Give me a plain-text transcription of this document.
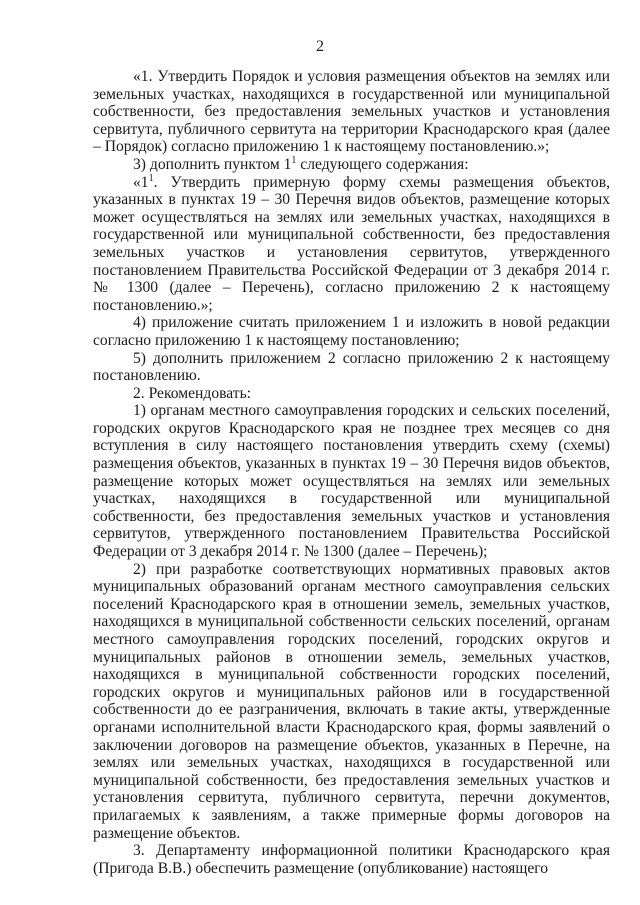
2

«1. Утвердить Порядок и условия размещения объектов на землях или земельных участках, находящихся в государственной или муниципальной собственности, без предоставления земельных участков и установления сервитута, публичного сервитута на территории Краснодарского края (далее – Порядок) согласно приложению 1 к настоящему постановлению.»;

3) дополнить пунктом $1^1$ следующего содержания:

«$1^1$. Утвердить примерную форму схемы размещения объектов, указанных в пунктах 19 – 30 Перечня видов объектов, размещение которых может осуществляться на землях или земельных участках, находящихся в государственной или муниципальной собственности, без предоставления земельных участков и установления сервитутов, утвержденного постановлением Правительства Российской Федерации от 3 декабря 2014 г. № 1300 (далее – Перечень), согласно приложению 2 к настоящему постановлению.»;

4) приложение считать приложением 1 и изложить в новой редакции согласно приложению 1 к настоящему постановлению;

5) дополнить приложением 2 согласно приложению 2 к настоящему постановлению.

2. Рекомендовать:

1) органам местного самоуправления городских и сельских поселений, городских округов Краснодарского края не позднее трех месяцев со дня вступления в силу настоящего постановления утвердить схему (схемы) размещения объектов, указанных в пунктах 19 – 30 Перечня видов объектов, размещение которых может осуществляться на землях или земельных участках, находящихся в государственной или муниципальной собственности, без предоставления земельных участков и установления сервитутов, утвержденного постановлением Правительства Российской Федерации от 3 декабря 2014 г. № 1300 (далее – Перечень);

2) при разработке соответствующих нормативных правовых актов муниципальных образований органам местного самоуправления сельских поселений Краснодарского края в отношении земель, земельных участков, находящихся в муниципальной собственности сельских поселений, органам местного самоуправления городских поселений, городских округов и муниципальных районов в отношении земель, земельных участков, находящихся в муниципальной собственности городских поселений, городских округов и муниципальных районов или в государственной собственности до ее разграничения, включать в такие акты, утвержденные органами исполнительной власти Краснодарского края, формы заявлений о заключении договоров на размещение объектов, указанных в Перечне, на землях или земельных участках, находящихся в государственной или муниципальной собственности, без предоставления земельных участков и установления сервитута, публичного сервитута, перечни документов, прилагаемых к заявлениям, а также примерные формы договоров на размещение объектов.

3. Департаменту информационной политики Краснодарского края (Пригода В.В.) обеспечить размещение (опубликование) настоящего
